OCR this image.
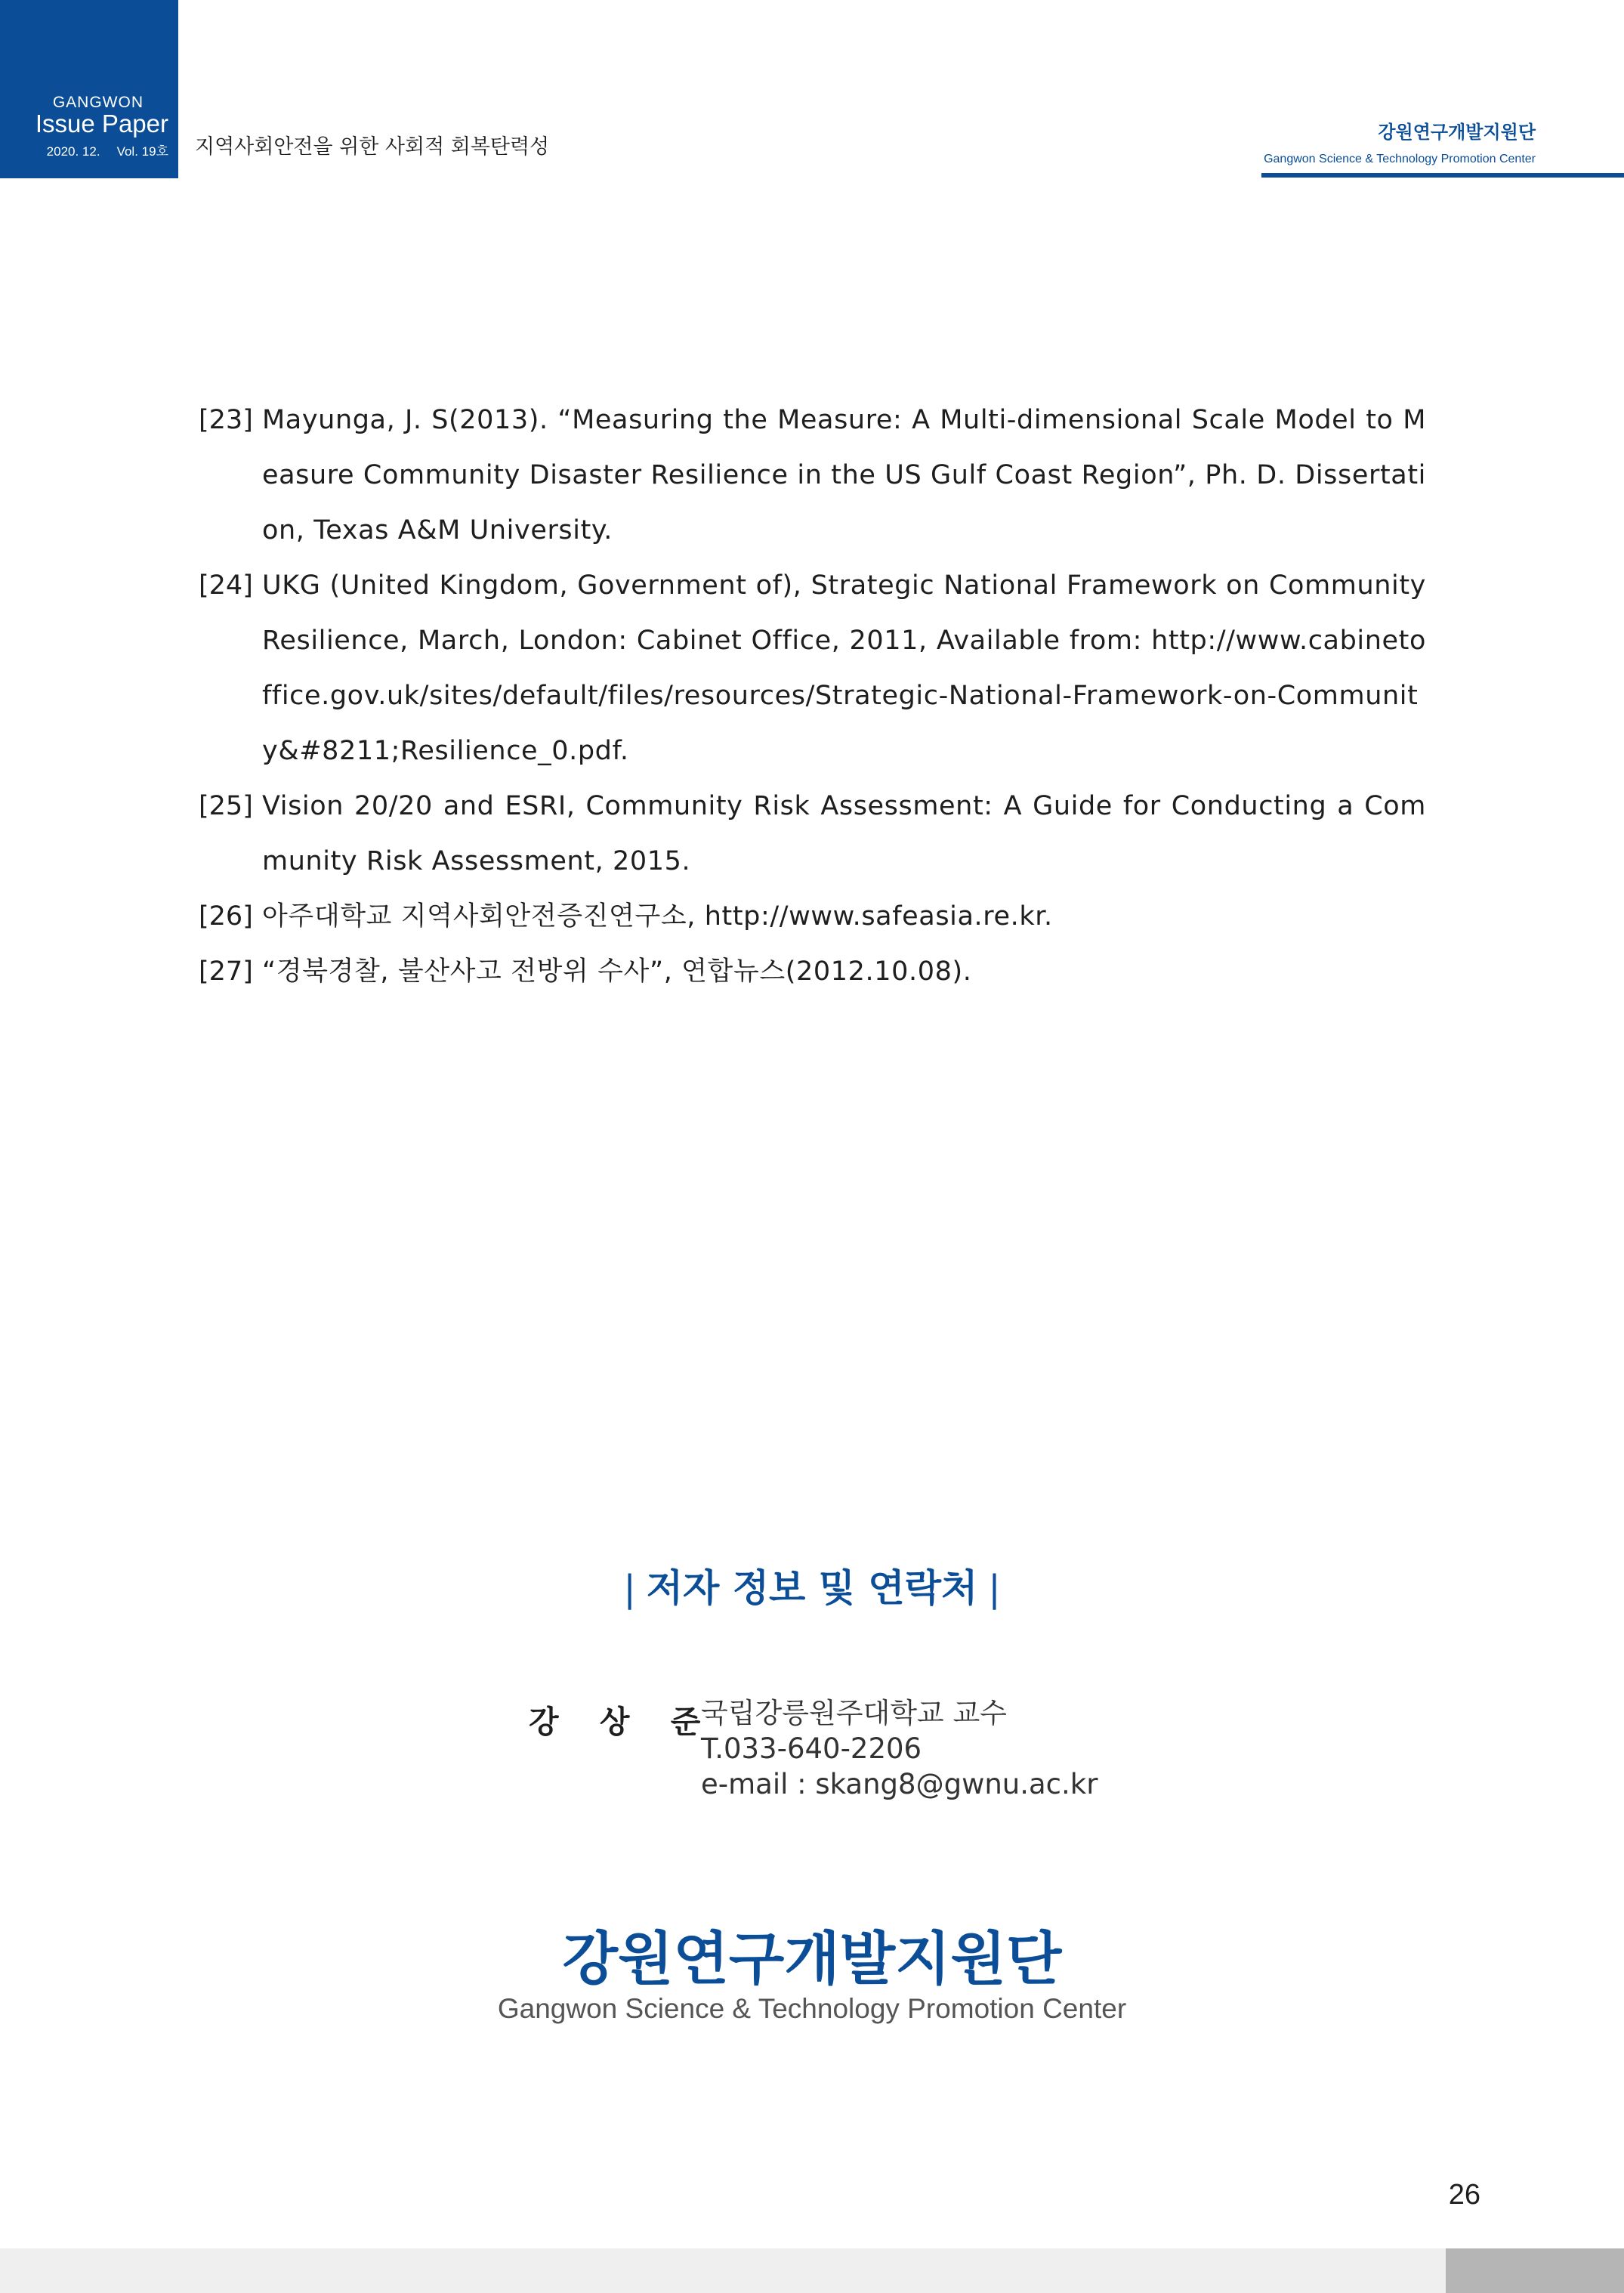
GANGWON
Issue Paper
2020. 12. Vol. 19호 지역사회안전을 위한 사회적 회복탄력성
강원연구개발지원단
Gangwon Science & Technology Promotion Center
[23] Mayunga, J. S(2013). “Measuring the Measure: A Multi-dimensional Scale Model to Measure Community Disaster Resilience in the US Gulf Coast Region”, Ph. D. Dissertation, Texas A&M University.
[24] UKG (United Kingdom, Government of), Strategic National Framework on Community Resilience, March, London: Cabinet Office, 2011, Available from: http://www.cabinetoffice.gov.uk/sites/default/files/resources/Strategic-National-Framework-on-Community&#8211;Resilience_0.pdf.
[25] Vision 20/20 and ESRI, Community Risk Assessment: A Guide for Conducting a Community Risk Assessment, 2015.
[26] 아주대학교 지역사회안전증진연구소, http://www.safeasia.re.kr.
[27] “경북경찰, 불산사고 전방위 수사”, 연합뉴스(2012.10.08).
| 저자 정보 및 연락처 |
강 상 준
국립강릉원주대학교 교수
T.033-640-2206
e-mail : skang8@gwnu.ac.kr
강원연구개발지원단
Gangwon Science & Technology Promotion Center
26
